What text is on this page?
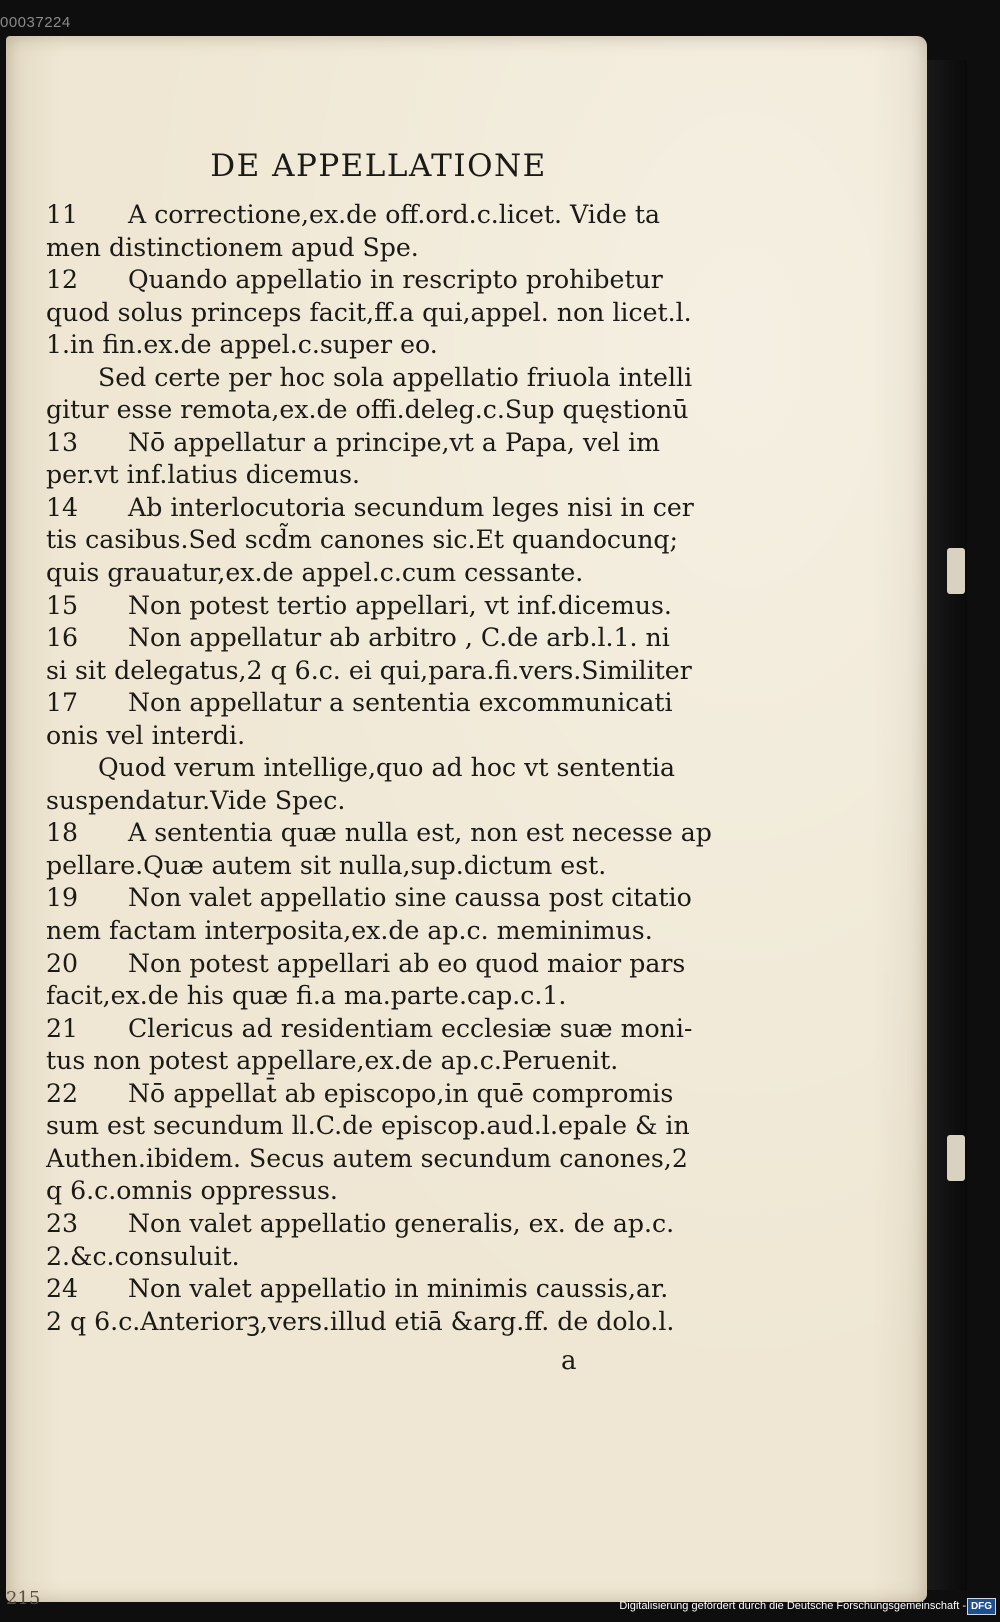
00037224
DE APPELLATIONE
11 A correctione,ex.de off.ord.c.licet. Vide ta
men distinctionem apud Spe.
12 Quando appellatio in rescripto prohibetur
quod solus princeps facit,ff.a qui,appel. non licet.l.
1.in fin.ex.de appel.c.super eo.
Sed certe per hoc sola appellatio friuola intelli
gitur esse remota,ex.de offi.deleg.c.Sup quęstionū
13 Nō appellatur a principe,vt a Papa, vel im
per.vt inf.latius dicemus.
14 Ab interlocutoria secundum leges nisi in cer
tis casibus.Sed scd̃m canones sic.Et quandocunq;
quis grauatur,ex.de appel.c.cum cessante.
15 Non potest tertio appellari, vt inf.dicemus.
16 Non appellatur ab arbitro , C.de arb.l.1. ni
si sit delegatus,2 q 6.c. ei qui,para.fi.vers.Similiter
17 Non appellatur a sententia excommunicati
onis vel interdi.
Quod verum intellige,quo ad hoc vt sententia
suspendatur.Vide Spec.
18 A sententia quæ nulla est, non est necesse ap
pellare.Quæ autem sit nulla,sup.dictum est.
19 Non valet appellatio sine caussa post citatio
nem factam interposita,ex.de ap.c. meminimus.
20 Non potest appellari ab eo quod maior pars
facit,ex.de his quæ fi.a ma.parte.cap.c.1.
21 Clericus ad residentiam ecclesiæ suæ moni-
tus non potest appellare,ex.de ap.c.Peruenit.
22 Nō appellat̄ ab episcopo,in quē compromis
sum est secundum ll.C.de episcop.aud.l.epale & in
Authen.ibidem. Secus autem secundum canones,2
q 6.c.omnis oppressus.
23 Non valet appellatio generalis, ex. de ap.c.
2.&c.consuluit.
24 Non valet appellatio in minimis caussis,ar.
2 q 6.c.Anteriorꝫ,vers.illud etiā &arg.ff. de dolo.l.
a
215	Digitalisierung gefördert durch die Deutsche Forschungsgemeinschaft - DFG
